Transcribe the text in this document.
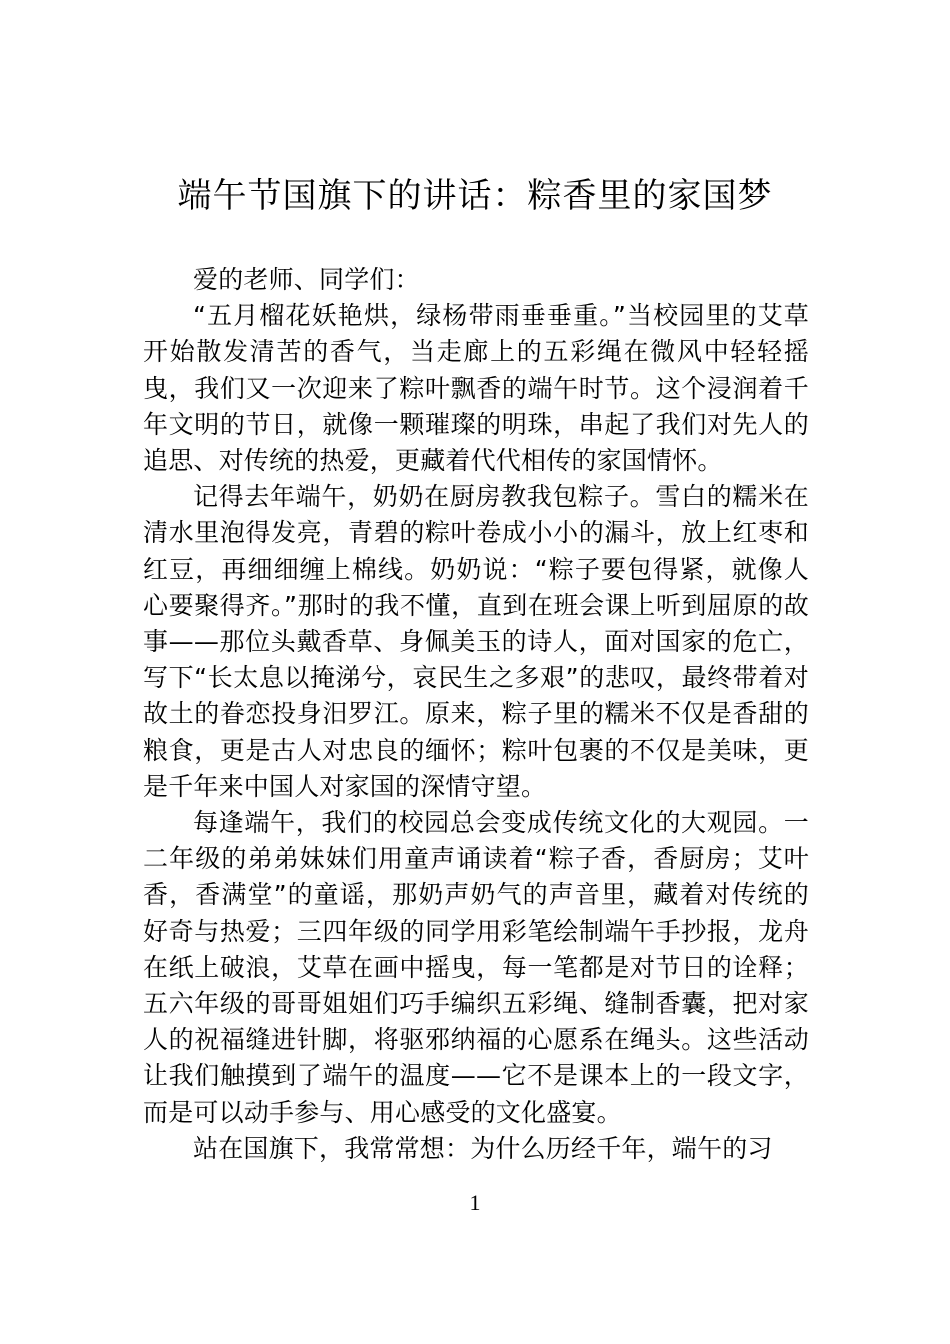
端午节国旗下的讲话：粽香里的家国梦

爱的老师、同学们：

“五月榴花妖艳烘，绿杨带雨垂垂重。”当校园里的艾草开始散发清苦的香气，当走廊上的五彩绳在微风中轻轻摇曳，我们又一次迎来了粽叶飘香的端午时节。这个浸润着千年文明的节日，就像一颗璀璨的明珠，串起了我们对先人的追思、对传统的热爱，更藏着代代相传的家国情怀。

记得去年端午，奶奶在厨房教我包粽子。雪白的糯米在清水里泡得发亮，青碧的粽叶卷成小小的漏斗，放上红枣和红豆，再细细缠上棉线。奶奶说：“粽子要包得紧，就像人心要聚得齐。”那时的我不懂，直到在班会课上听到屈原的故事——那位头戴香草、身佩美玉的诗人，面对国家的危亡，写下“长太息以掩涕兮，哀民生之多艰”的悲叹，最终带着对故土的眷恋投身汨罗江。原来，粽子里的糯米不仅是香甜的粮食，更是古人对忠良的缅怀；粽叶包裹的不仅是美味，更是千年来中国人对家国的深情守望。

每逢端午，我们的校园总会变成传统文化的大观园。一二年级的弟弟妹妹们用童声诵读着“粽子香，香厨房；艾叶香，香满堂”的童谣，那奶声奶气的声音里，藏着对传统的好奇与热爱；三四年级的同学用彩笔绘制端午手抄报，龙舟在纸上破浪，艾草在画中摇曳，每一笔都是对节日的诠释；五六年级的哥哥姐姐们巧手编织五彩绳、缝制香囊，把对家人的祝福缝进针脚，将驱邪纳福的心愿系在绳头。这些活动让我们触摸到了端午的温度——它不是课本上的一段文字，而是可以动手参与、用心感受的文化盛宴。

站在国旗下，我常常想：为什么历经千年，端午的习

1
